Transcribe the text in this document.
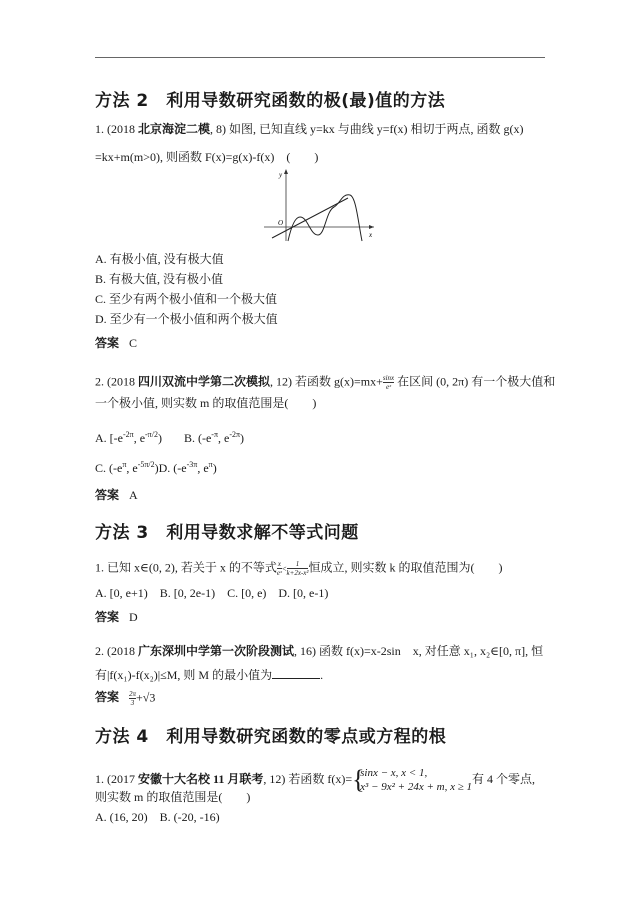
方法 2　利用导数研究函数的极(最)值的方法
1. (2018 北京海淀二模, 8) 如图, 已知直线 y=kx 与曲线 y=f(x) 相切于两点, 函数 g(x)
=kx+m(m>0), 则函数 F(x)=g(x)-f(x)　(　　)
y
x
O
A. 有极小值, 没有极大值
B. 有极大值, 没有极小值
C. 至少有两个极小值和一个极大值
D. 至少有一个极小值和两个极大值
答案 C
2. (2018 四川双流中学第二次模拟, 12) 若函数 $g(x)=mx+ \frac{\sin x}{\text{eˣ}}$ 在区间 (0, 2π) 有一个极大值和
一个极小值, 则实数 m 的取值范围是(　　)
A. [$-e^{-2\pi}$, $e^{-\pi/2}$) B. ($-e^{-\pi}$, $e^{-2\pi}$)
C. ($-e^\pi$, $e^{-5\pi/2})D$. ($-e^{-3\pi}$, $e^\pi$)
答案 A
方法 3　利用导数求解不等式问题
1. 已知 x∈(0, 2), 若关于 x 的不等式 $\frac{x}{\text{eˣ}} < \frac{1}{\text{k+2x-x²}}$ 恒成立, 则实数 k 的取值范围为(　　)
A. [0, e+1)　B. [0, 2e-1)　C. [0, e)　D. [0, e-1)
答案 D
2. (2018 广东深圳中学第一次阶段测试, 16) 函数 f(x)=x-2sin　x, 对任意 x₁, x₂∈[0, π], 恒
有|f(x₁)-f(x₂)|≤M, 则 M 的最小值为	.
答案 $\frac{2\pi}{3} +√3$
方法 4　利用导数研究函数的零点或方程的根
1. (2017 安徽十大名校 11 月联考, 12) 若函数 f(x)= {
sinx − x, x < 1,
x³ − 9x² + 24x + m, x ≥ 1
有 4 个零点,
则实数 m 的取值范围是(　　)
A. (16, 20)　B. (-20, -16)
